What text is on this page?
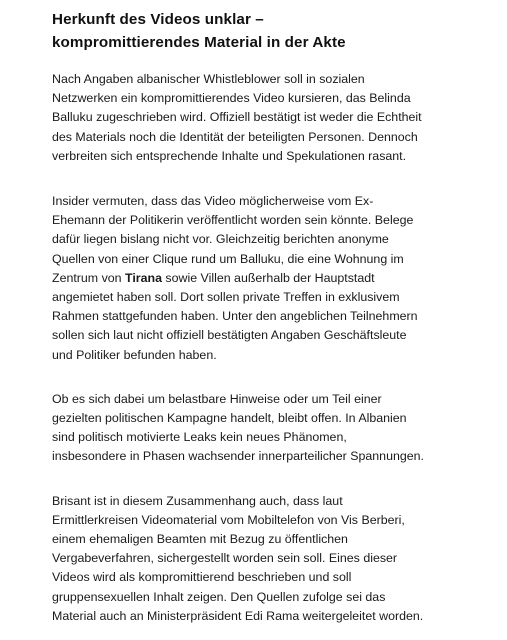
Herkunft des Videos unklar –
kompromittierendes Material in der Akte

Nach Angaben albanischer Whistleblower soll in sozialen
Netzwerken ein kompromittierendes Video kursieren, das Belinda
Balluku zugeschrieben wird. Offiziell bestätigt ist weder die Echtheit
des Materials noch die Identität der beteiligten Personen. Dennoch
verbreiten sich entsprechende Inhalte und Spekulationen rasant.

Insider vermuten, dass das Video möglicherweise vom Ex-
Ehemann der Politikerin veröffentlicht worden sein könnte. Belege
dafür liegen bislang nicht vor. Gleichzeitig berichten anonyme
Quellen von einer Clique rund um Balluku, die eine Wohnung im
Zentrum von Tirana sowie Villen außerhalb der Hauptstadt
angemietet haben soll. Dort sollen private Treffen in exklusivem
Rahmen stattgefunden haben. Unter den angeblichen Teilnehmern
sollen sich laut nicht offiziell bestätigten Angaben Geschäftsleute
und Politiker befunden haben.

Ob es sich dabei um belastbare Hinweise oder um Teil einer
gezielten politischen Kampagne handelt, bleibt offen. In Albanien
sind politisch motivierte Leaks kein neues Phänomen,
insbesondere in Phasen wachsender innerparteilicher Spannungen.

Brisant ist in diesem Zusammenhang auch, dass laut
Ermittlerkreisen Videomaterial vom Mobiltelefon von Vis Berberi,
einem ehemaligen Beamten mit Bezug zu öffentlichen
Vergabeverfahren, sichergestellt worden sein soll. Eines dieser
Videos wird als kompromittierend beschrieben und soll
gruppensexuellen Inhalt zeigen. Den Quellen zufolge sei das
Material auch an Ministerpräsident Edi Rama weitergeleitet worden.
